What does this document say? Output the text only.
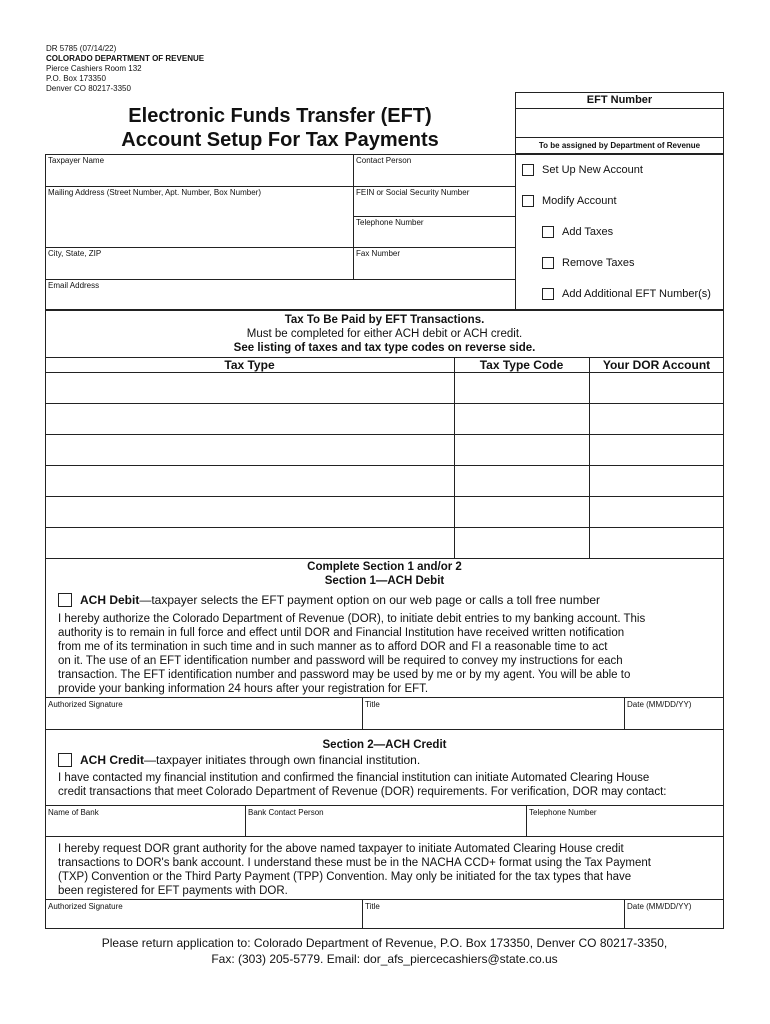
DR 5785 (07/14/22)
COLORADO DEPARTMENT OF REVENUE
Pierce Cashiers Room 132
P.O. Box 173350
Denver CO 80217-3350
Electronic Funds Transfer (EFT)
Account Setup For Tax Payments
EFT Number
To be assigned by Department of Revenue
Taxpayer Name	Contact Person
Mailing Address (Street Number, Apt. Number, Box Number)	FEIN or Social Security Number
Telephone Number
City, State, ZIP	Fax Number
Email Address
Set Up New Account
Modify Account
Add Taxes
Remove Taxes
Add Additional EFT Number(s)
Tax To Be Paid by EFT Transactions.
Must be completed for either ACH debit or ACH credit.
See listing of taxes and tax type codes on reverse side.
Tax Type	Tax Type Code	Your DOR Account
Complete Section 1 and/or 2
Section 1—ACH Debit
ACH Debit —taxpayer selects the EFT payment option on our web page or calls a toll free number
I hereby authorize the Colorado Department of Revenue (DOR), to initiate debit entries to my banking account. This
authority is to remain in full force and effect until DOR and Financial Institution have received written notification
from me of its termination in such time and in such manner as to afford DOR and FI a reasonable time to act
on it. The use of an EFT identification number and password will be required to convey my instructions for each
transaction. The EFT identification number and password may be used by me or by my agent. You will be able to
provide your banking information 24 hours after your registration for EFT.
Authorized Signature	Title	Date (MM/DD/YY)
Section 2—ACH Credit
ACH Credit —taxpayer initiates through own financial institution.
I have contacted my financial institution and confirmed the financial institution can initiate Automated Clearing House
credit transactions that meet Colorado Department of Revenue (DOR) requirements. For verification, DOR may contact:
Name of Bank	Bank Contact Person	Telephone Number
I hereby request DOR grant authority for the above named taxpayer to initiate Automated Clearing House credit
transactions to DOR's bank account. I understand these must be in the NACHA CCD+ format using the Tax Payment
(TXP) Convention or the Third Party Payment (TPP) Convention. May only be initiated for the tax types that have
been registered for EFT payments with DOR.
Authorized Signature	Title	Date (MM/DD/YY)
Please return application to: Colorado Department of Revenue, P.O. Box 173350, Denver CO 80217-3350,
Fax: (303) 205-5779. Email: dor_afs_piercecashiers@state.co.us
